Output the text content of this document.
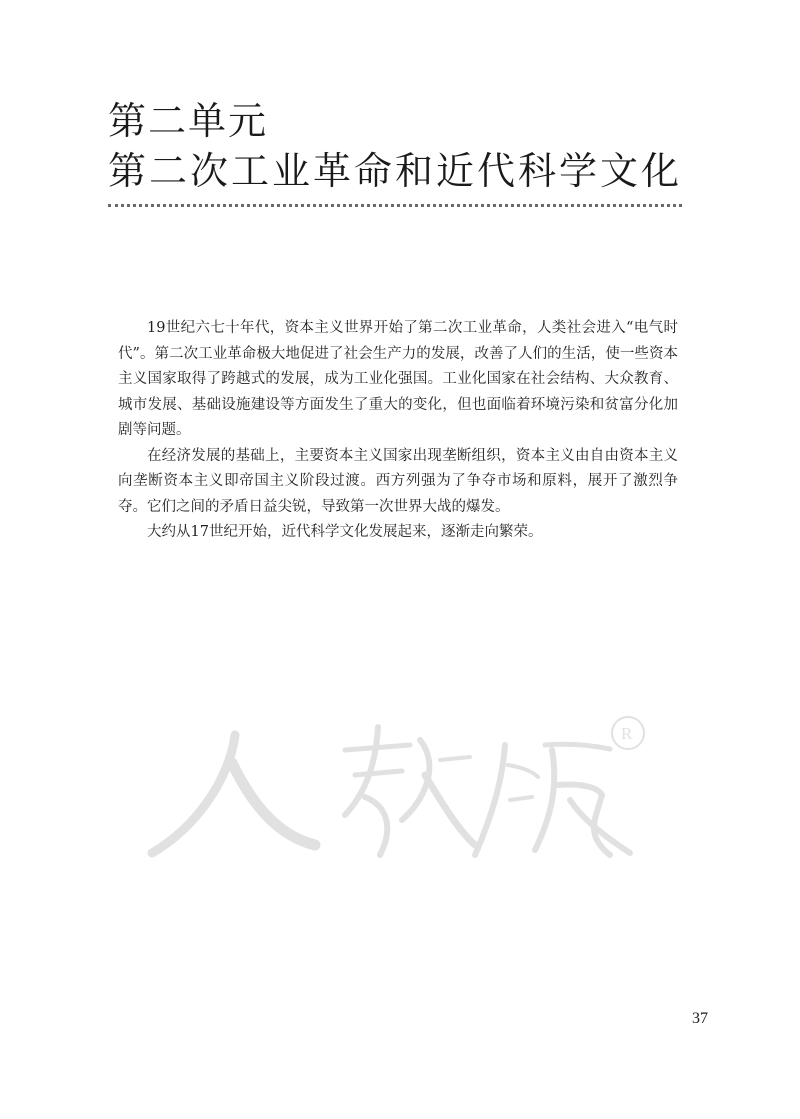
第二单元
第二次工业革命和近代科学文化

19世纪六七十年代，资本主义世界开始了第二次工业革命，人类社会进入“电气时代”。第二次工业革命极大地促进了社会生产力的发展，改善了人们的生活，使一些资本主义国家取得了跨越式的发展，成为工业化强国。工业化国家在社会结构、大众教育、城市发展、基础设施建设等方面发生了重大的变化，但也面临着环境污染和贫富分化加剧等问题。

在经济发展的基础上，主要资本主义国家出现垄断组织，资本主义由自由资本主义向垄断资本主义即帝国主义阶段过渡。西方列强为了争夺市场和原料，展开了激烈争夺。它们之间的矛盾日益尖锐，导致第一次世界大战的爆发。

大约从17世纪开始，近代科学文化发展起来，逐渐走向繁荣。

R
37
